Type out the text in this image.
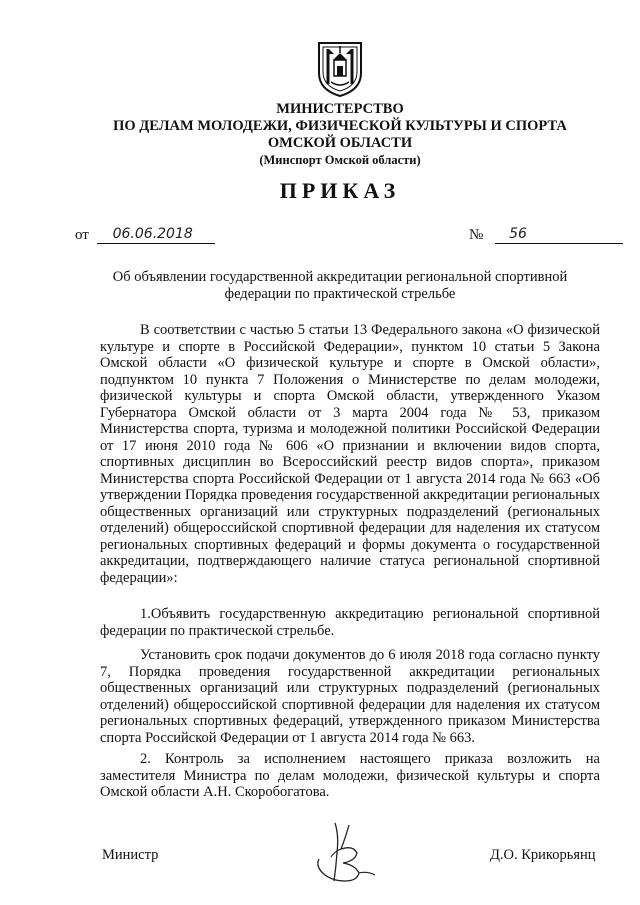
МИНИСТЕРСТВО
ПО ДЕЛАМ МОЛОДЕЖИ, ФИЗИЧЕСКОЙ КУЛЬТУРЫ И СПОРТА
ОМСКОЙ ОБЛАСТИ
(Минспорт Омской области)
ПРИКАЗ
от 06.06.2018	№ 56
Об объявлении государственной аккредитации региональной спортивной
федерации по практической стрельбе

В соответствии с частью 5 статьи 13 Федерального закона «О физической культуре и спорте в Российской Федерации», пунктом 10 статьи 5 Закона Омской области «О физической культуре и спорте в Омской области», подпунктом 10 пункта 7 Положения о Министерстве по делам молодежи, физической культуры и спорта Омской области, утвержденного Указом Губернатора Омской области от 3 марта 2004 года № 53, приказом Министерства спорта, туризма и молодежной политики Российской Федерации от 17 июня 2010 года № 606 «О признании и включении видов спорта, спортивных дисциплин во Всероссийский реестр видов спорта», приказом Министерства спорта Российской Федерации от 1 августа 2014 года № 663 «Об утверждении Порядка проведения государственной аккредитации региональных общественных организаций или структурных подразделений (региональных отделений) общероссийской спортивной федерации для наделения их статусом региональных спортивных федераций и формы документа о государственной аккредитации, подтверждающего наличие статуса региональной спортивной федерации»:

1.Объявить государственную аккредитацию региональной спортивной федерации по практической стрельбе.

Установить срок подачи документов до 6 июля 2018 года согласно пункту 7, Порядка проведения государственной аккредитации региональных общественных организаций или структурных подразделений (региональных отделений) общероссийской спортивной федерации для наделения их статусом региональных спортивных федераций, утвержденного приказом Министерства спорта Российской Федерации от 1 августа 2014 года № 663.

2. Контроль за исполнением настоящего приказа возложить на заместителя Министра по делам молодежи, физической культуры и спорта Омской области А.Н. Скоробогатова.

Министр	Д.О. Крикорьянц
